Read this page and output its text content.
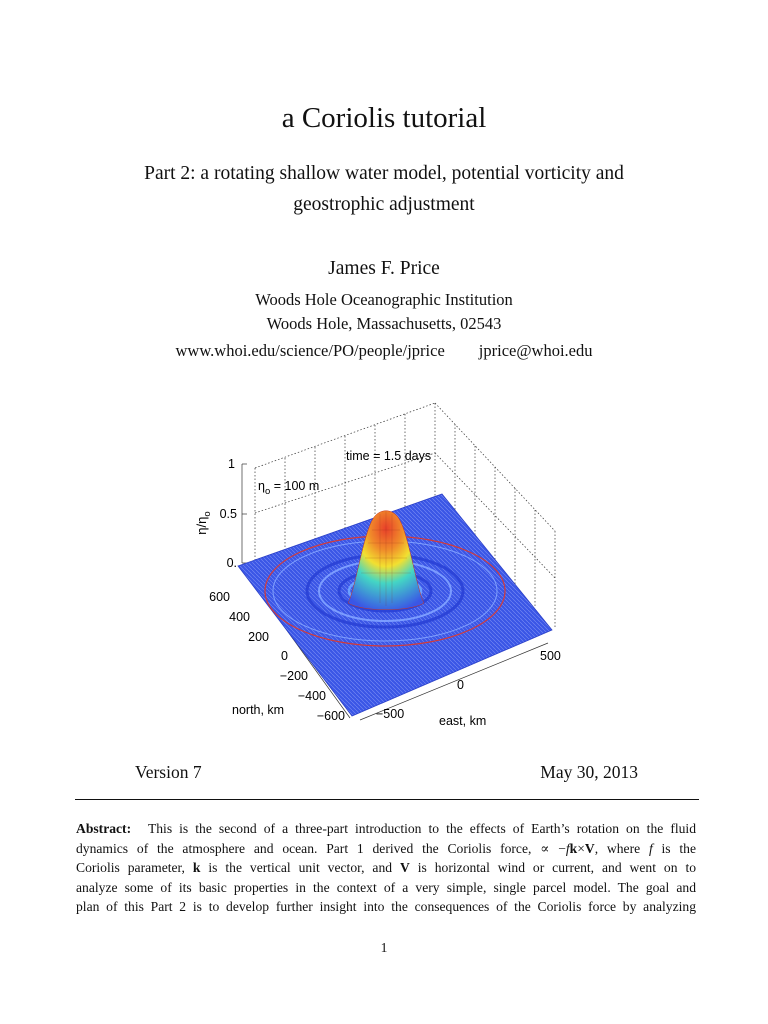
a Coriolis tutorial
Part 2: a rotating shallow water model, potential vorticity and
geostrophic adjustment
James F. Price
Woods Hole Oceanographic Institution
Woods Hole, Massachusetts, 02543
www.whoi.edu/science/PO/people/jprice jprice@whoi.edu
1
0.5
0.
$\eta/\eta_o$
time = 1.5 days
$\eta_o = 100$ m
600
400
200
0
−200
−400
−600
north, km	−500
0
500
east, km
Version 7	May 30, 2013
Abstract: This is the second of a three-part introduction to the effects of Earth’s rotation on the fluid
dynamics of the atmosphere and ocean. Part 1 derived the Coriolis force, ∝ −fk×V, where f is the
Coriolis parameter, k is the vertical unit vector, and V is horizontal wind or current, and went on to
analyze some of its basic properties in the context of a very simple, single parcel model. The goal and
plan of this Part 2 is to develop further insight into the consequences of the Coriolis force by analyzing
1
